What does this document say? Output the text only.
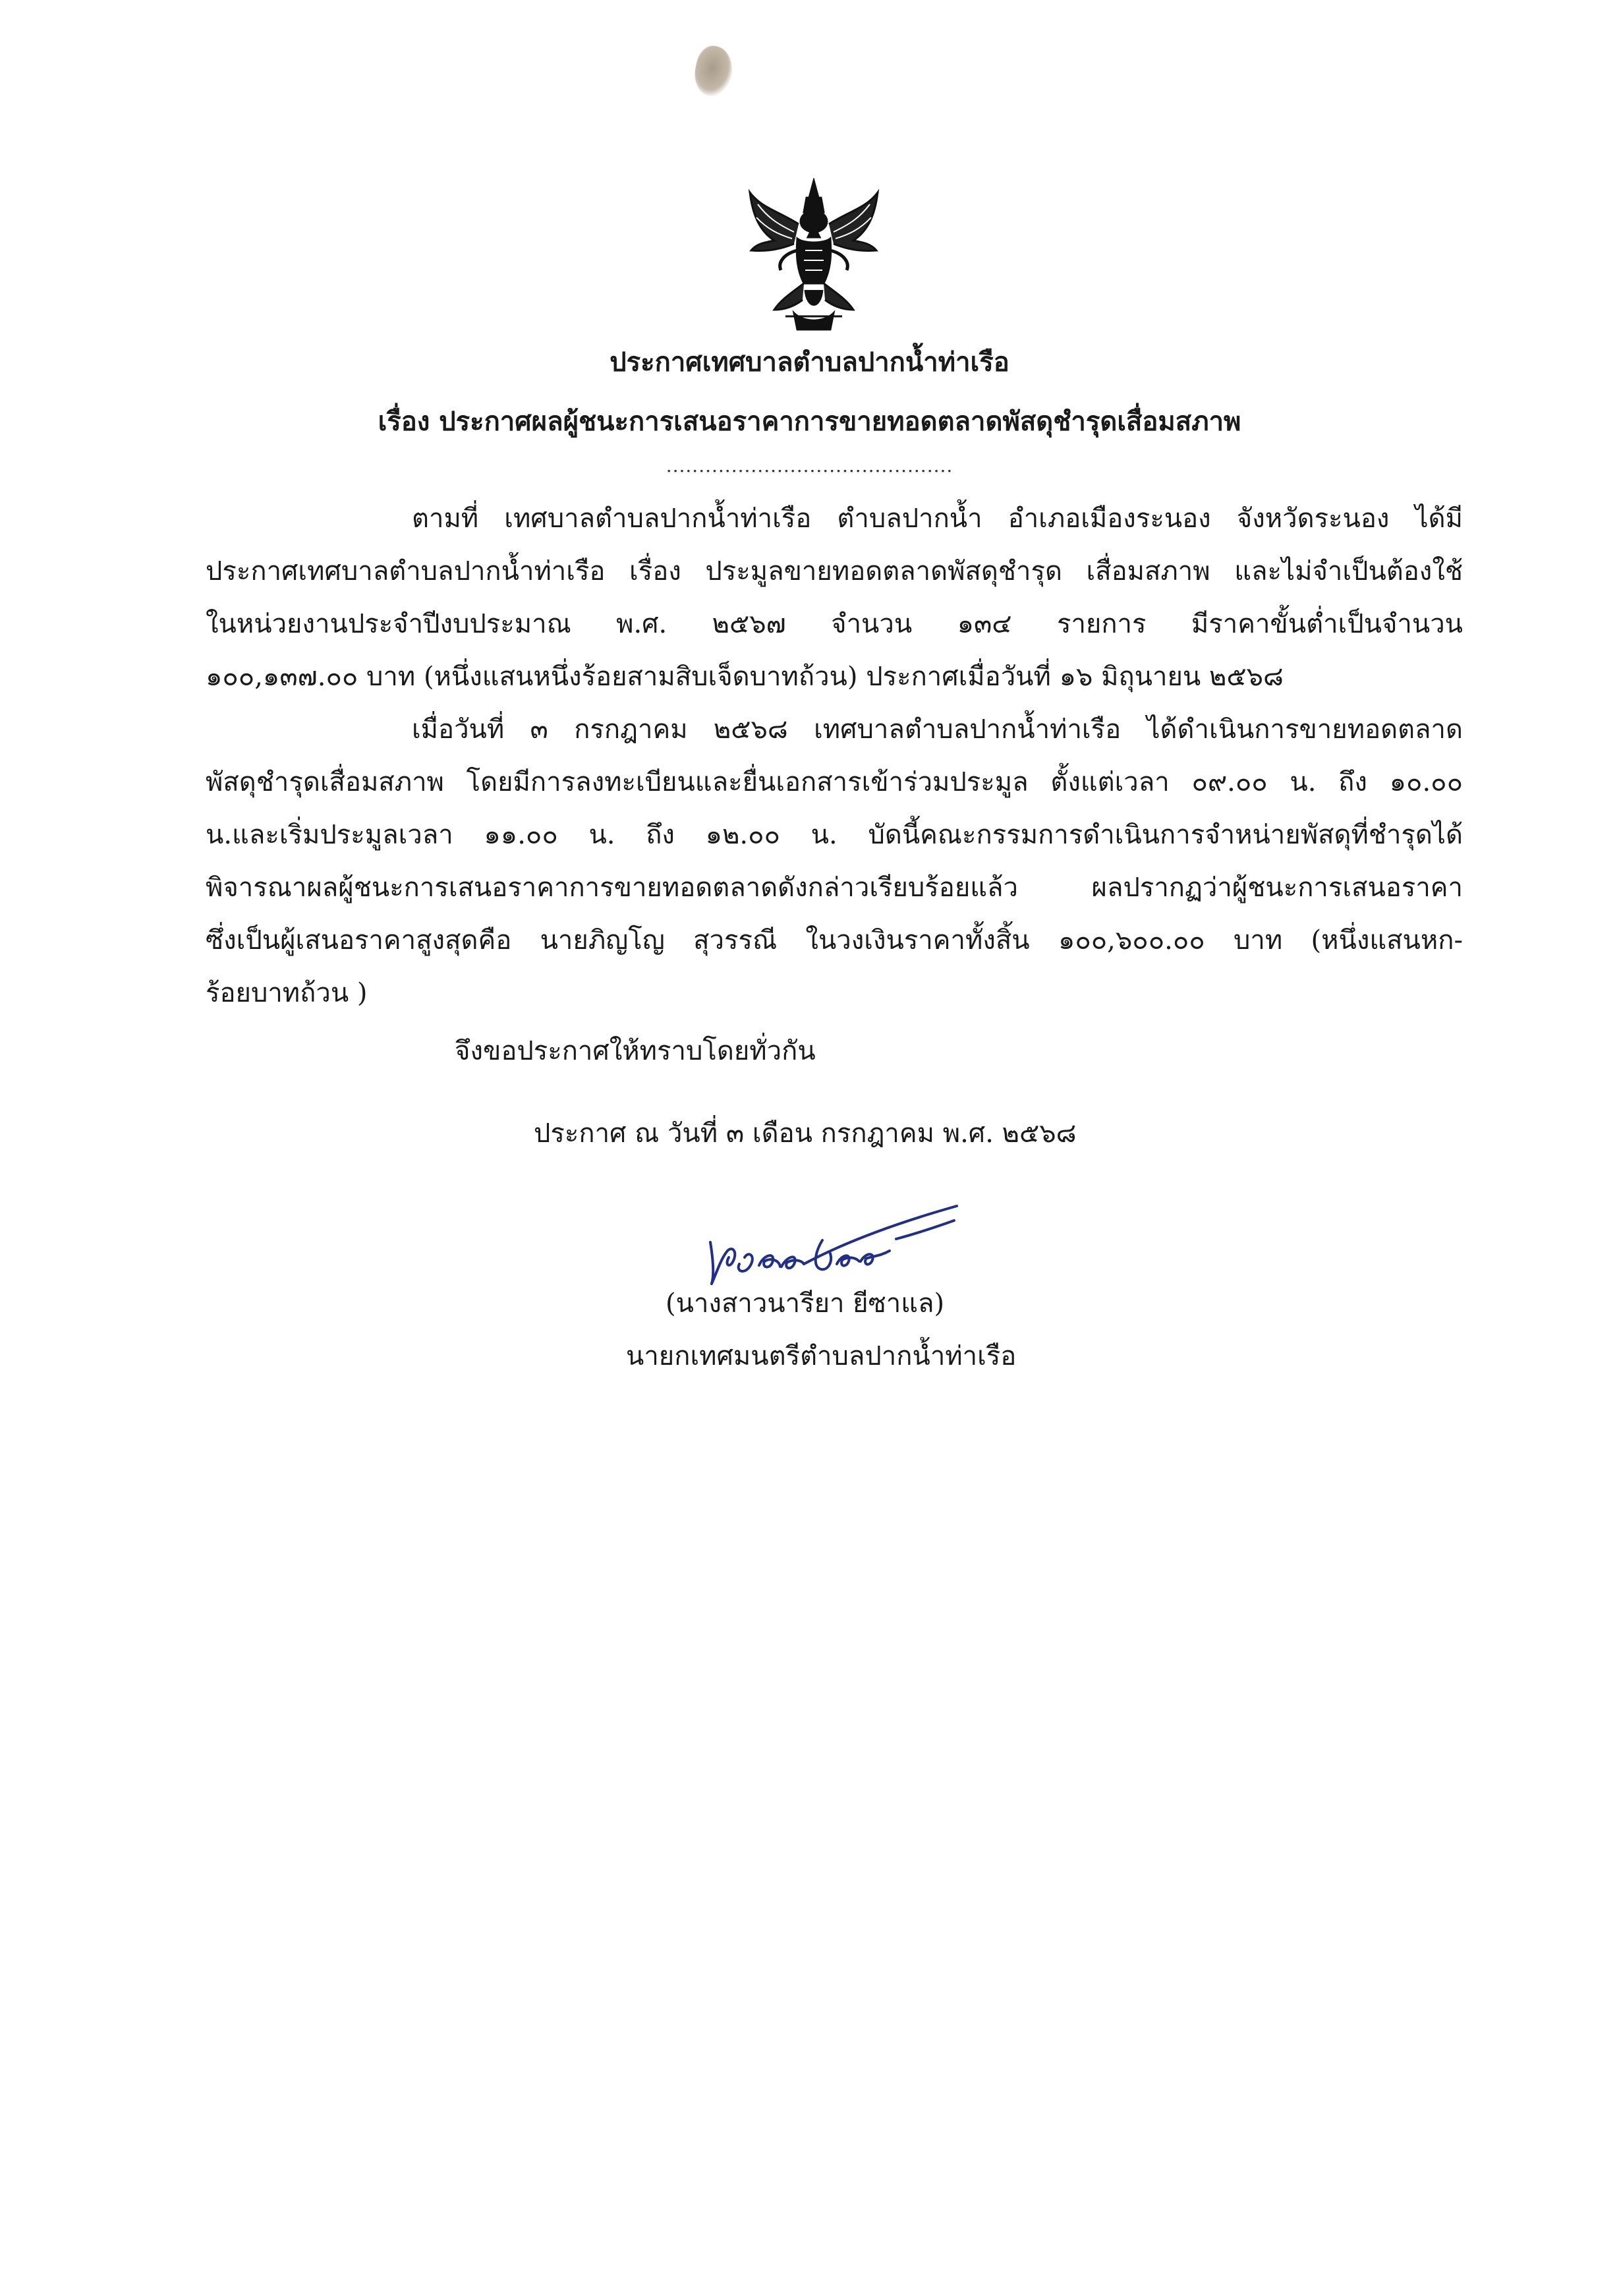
ประกาศเทศบาลตำบลปากน้ำท่าเรือ
เรื่อง ประกาศผลผู้ชนะการเสนอราคาการขายทอดตลาดพัสดุชำรุดเสื่อมสภาพ
............................................
ตามที่ เทศบาลตำบลปากน้ำท่าเรือ ตำบลปากน้ำ อำเภอเมืองระนอง จังหวัดระนอง ได้มี
ประกาศเทศบาลตำบลปากน้ำท่าเรือ เรื่อง ประมูลขายทอดตลาดพัสดุชำรุด เสื่อมสภาพ และไม่จำเป็นต้องใช้
ในหน่วยงานประจำปีงบประมาณ พ.ศ. ๒๕๖๗ จำนวน ๑๓๔ รายการ มีราคาขั้นต่ำเป็นจำนวน
๑๐๐,๑๓๗.๐๐ บาท (หนึ่งแสนหนึ่งร้อยสามสิบเจ็ดบาทถ้วน) ประกาศเมื่อวันที่ ๑๖ มิถุนายน ๒๕๖๘
เมื่อวันที่ ๓ กรกฎาคม ๒๕๖๘ เทศบาลตำบลปากน้ำท่าเรือ ได้ดำเนินการขายทอดตลาด
พัสดุชำรุดเสื่อมสภาพ โดยมีการลงทะเบียนและยื่นเอกสารเข้าร่วมประมูล ตั้งแต่เวลา ๐๙.๐๐ น. ถึง ๑๐.๐๐
น.และเริ่มประมูลเวลา ๑๑.๐๐ น. ถึง ๑๒.๐๐ น. บัดนี้คณะกรรมการดำเนินการจำหน่ายพัสดุที่ชำรุดได้
พิจารณาผลผู้ชนะการเสนอราคาการขายทอดตลาดดังกล่าวเรียบร้อยแล้ว ผลปรากฏว่าผู้ชนะการเสนอราคา
ซึ่งเป็นผู้เสนอราคาสูงสุดคือ นายภิญโญ สุวรรณี ในวงเงินราคาทั้งสิ้น ๑๐๐,๖๐๐.๐๐ บาท (หนึ่งแสนหก-
ร้อยบาทถ้วน )
จึงขอประกาศให้ทราบโดยทั่วกัน
ประกาศ ณ วันที่ ๓ เดือน กรกฎาคม พ.ศ. ๒๕๖๘
(นางสาวนารียา ยีซาแล)
นายกเทศมนตรีตำบลปากน้ำท่าเรือ
